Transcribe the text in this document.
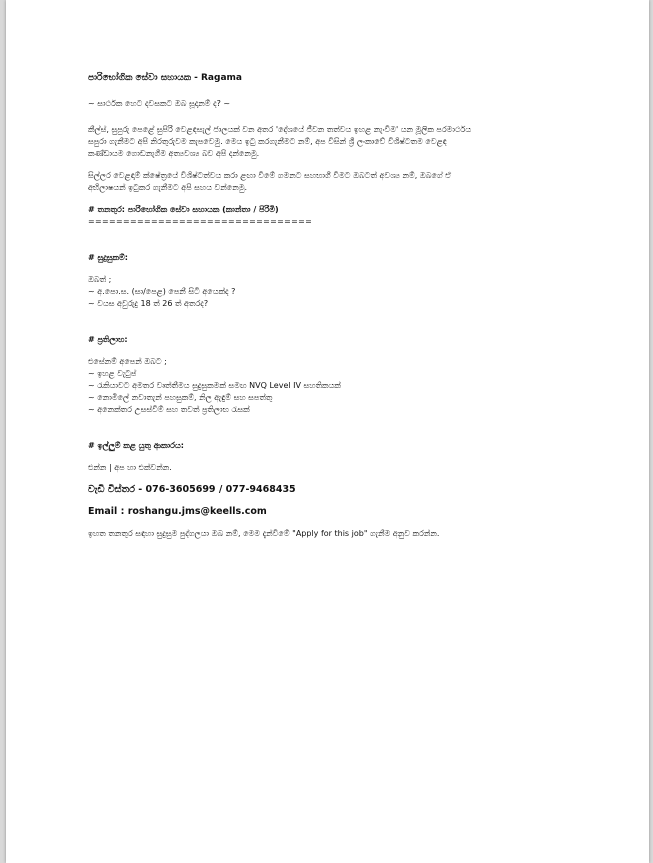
පාරිභෝගික සේවා සහායක - Ragama

~ සාර්ථක හෙට දවසකට ඔබ සූදානම් ද? ~

කීල්ස්, සුපුරු පෙළේ සුපිරි වෙළඳසැල් ජාලයක් වන අතර 'දේශයේ ජීවන තත්වය ඉහළ නැංවීම' යන මූලික පරමාර්ථය

සපුරා ගැනීමට අපි නිරතුරුවම කැපවෙමු. මෙය ඉටු කරගැනීමට නම්, අප විසින් ශ්‍රී ලංකාවේ විශිෂ්ටතම වෙළඳ

කණ්ඩායම ගොඩනැගීම අත්‍යවශ්‍ය බව අපි දන්නෙමු.

සිල්ලර වෙළඳාම් ක්ෂේත්‍රයේ විශිෂ්ටත්වය කරා ළඟා වීමේ ගමනට සහභාගී වීමට ඔබටත් අවශ්‍ය නම්, ඔබගේ ඒ

අභිලාෂයන් ඉටුකර ගැනීමට අපි සහය වන්නෙමු.

# තනතුර: පාරිභෝගික සේවා සහායක (කාන්තා / පිරිමි)

================================

# සුදුසුකම්:

ඔබත් ;

~ අ.පො.ස. (සා/පෙළ) පෙනී සිටි අයෙක්ද ?

~ වයස අවුරුදු 18 ත් 26 ත් අතරද?

# ප්‍රතිලාභ:

එසේනම් අපෙන් ඔබට ;

~ ඉහළ වැටුප්

~ රැකියාවට අමතර වෘත්තීමය සුදුසුකමක් සමඟ NVQ Level IV සහතිකයක්

~ නොමිලේ නවාතැන් පහසුකම්, නිල ඇඳුම් සහ සපත්තු

~ අනෙක්තර උසස්වීම් සහ තවත් ප්‍රතිලාභ රැසක්

# ඉල්ලුම් කළ යුතු ආකාරය:

එන්න | අප හා එක්වන්න.

වැඩි විස්තර - 076-3605699 / 077-9468435

Email : roshangu.jms@keells.com

ඉහත තනතුර සඳහා සුදුසුම පුද්ගලයා ඔබ නම්, මෙම දැන්වීමේ "Apply for this job" ගැනීම අනුව කරන්න.
